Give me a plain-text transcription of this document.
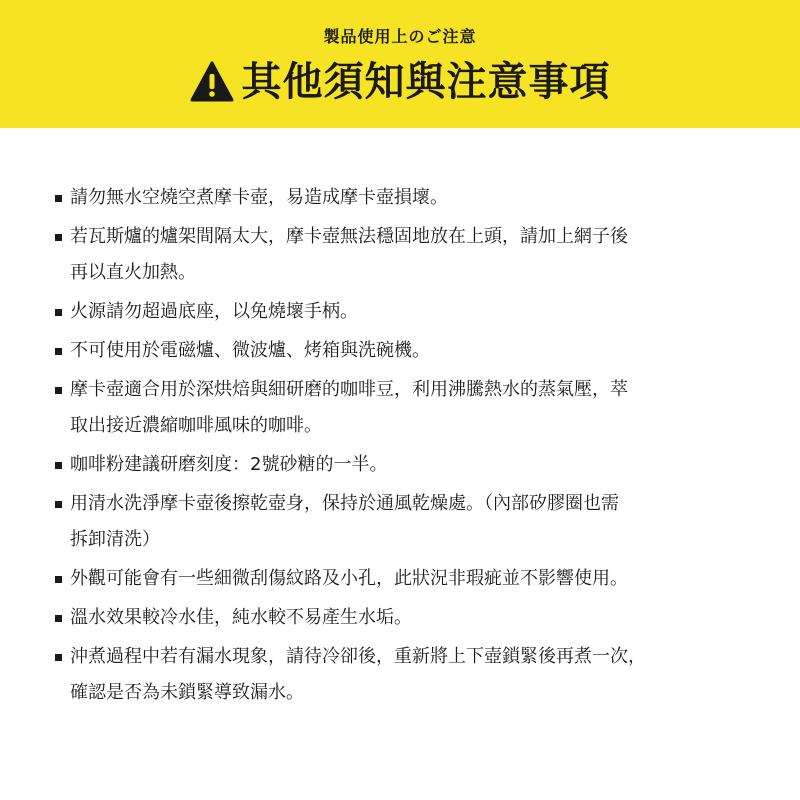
製品使用上のご注意
其他須知與注意事項
請勿無水空燒空煮摩卡壺，易造成摩卡壺損壞。
若瓦斯爐的爐架間隔太大，摩卡壺無法穩固地放在上頭，請加上網子後
再以直火加熱。
火源請勿超過底座，以免燒壞手柄。
不可使用於電磁爐、微波爐、烤箱與洗碗機。
摩卡壺適合用於深烘焙與細研磨的咖啡豆，利用沸騰熱水的蒸氣壓，萃
取出接近濃縮咖啡風味的咖啡。
咖啡粉建議研磨刻度：2號砂糖的一半。
用清水洗淨摩卡壺後擦乾壺身，保持於通風乾燥處。（內部矽膠圈也需
拆卸清洗）
外觀可能會有一些細微刮傷紋路及小孔，此狀況非瑕疵並不影響使用。
溫水效果較冷水佳，純水較不易產生水垢。
沖煮過程中若有漏水現象，請待冷卻後，重新將上下壺鎖緊後再煮一次，
確認是否為未鎖緊導致漏水。
